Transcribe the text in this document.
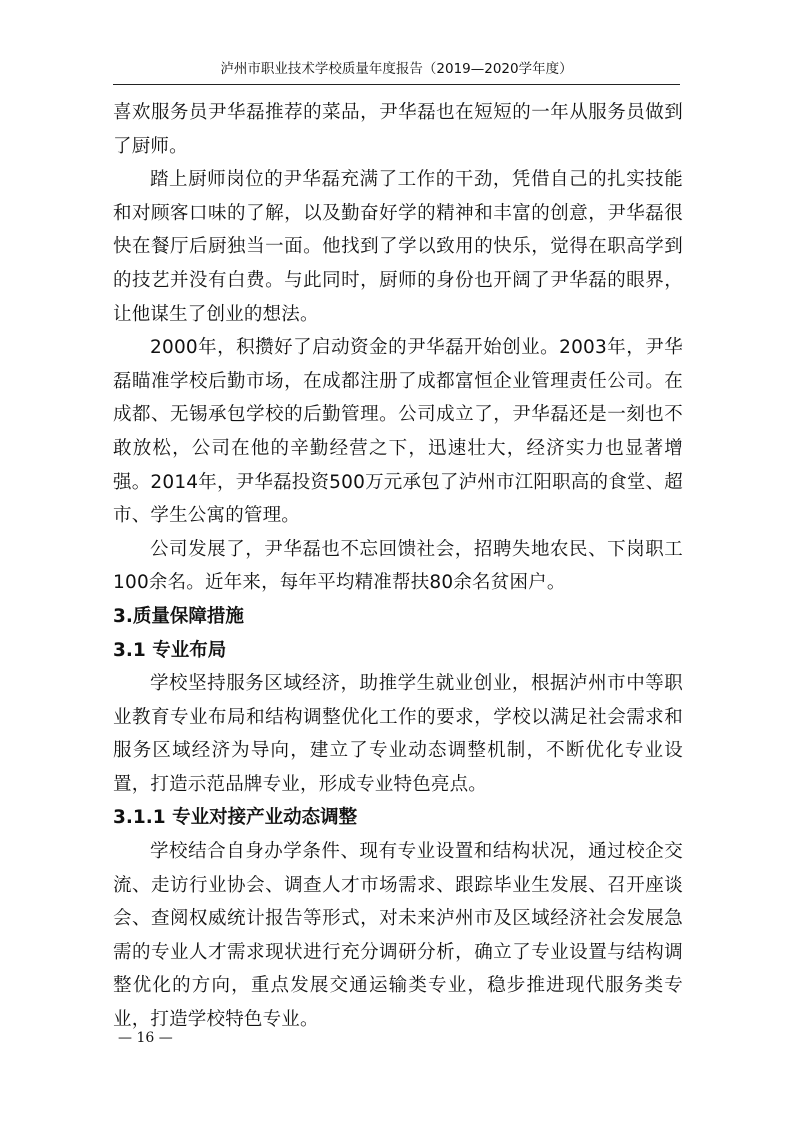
泸州市职业技术学校质量年度报告（2019—2020学年度）

喜欢服务员尹华磊推荐的菜品，尹华磊也在短短的一年从服务员做到了厨师。

踏上厨师岗位的尹华磊充满了工作的干劲，凭借自己的扎实技能和对顾客口味的了解，以及勤奋好学的精神和丰富的创意，尹华磊很快在餐厅后厨独当一面。他找到了学以致用的快乐，觉得在职高学到的技艺并没有白费。与此同时，厨师的身份也开阔了尹华磊的眼界，让他谋生了创业的想法。

2000年，积攒好了启动资金的尹华磊开始创业。2003年，尹华磊瞄准学校后勤市场，在成都注册了成都富恒企业管理责任公司。在成都、无锡承包学校的后勤管理。公司成立了，尹华磊还是一刻也不敢放松，公司在他的辛勤经营之下，迅速壮大，经济实力也显著增强。2014年，尹华磊投资500万元承包了泸州市江阳职高的食堂、超市、学生公寓的管理。

公司发展了，尹华磊也不忘回馈社会，招聘失地农民、下岗职工100余名。近年来，每年平均精准帮扶80余名贫困户。

3.质量保障措施
3.1 专业布局

学校坚持服务区域经济，助推学生就业创业，根据泸州市中等职业教育专业布局和结构调整优化工作的要求，学校以满足社会需求和服务区域经济为导向，建立了专业动态调整机制，不断优化专业设置，打造示范品牌专业，形成专业特色亮点。

3.1.1 专业对接产业动态调整

学校结合自身办学条件、现有专业设置和结构状况，通过校企交流、走访行业协会、调查人才市场需求、跟踪毕业生发展、召开座谈会、查阅权威统计报告等形式，对未来泸州市及区域经济社会发展急需的专业人才需求现状进行充分调研分析，确立了专业设置与结构调整优化的方向，重点发展交通运输类专业，稳步推进现代服务类专业，打造学校特色专业。

— 16 —
